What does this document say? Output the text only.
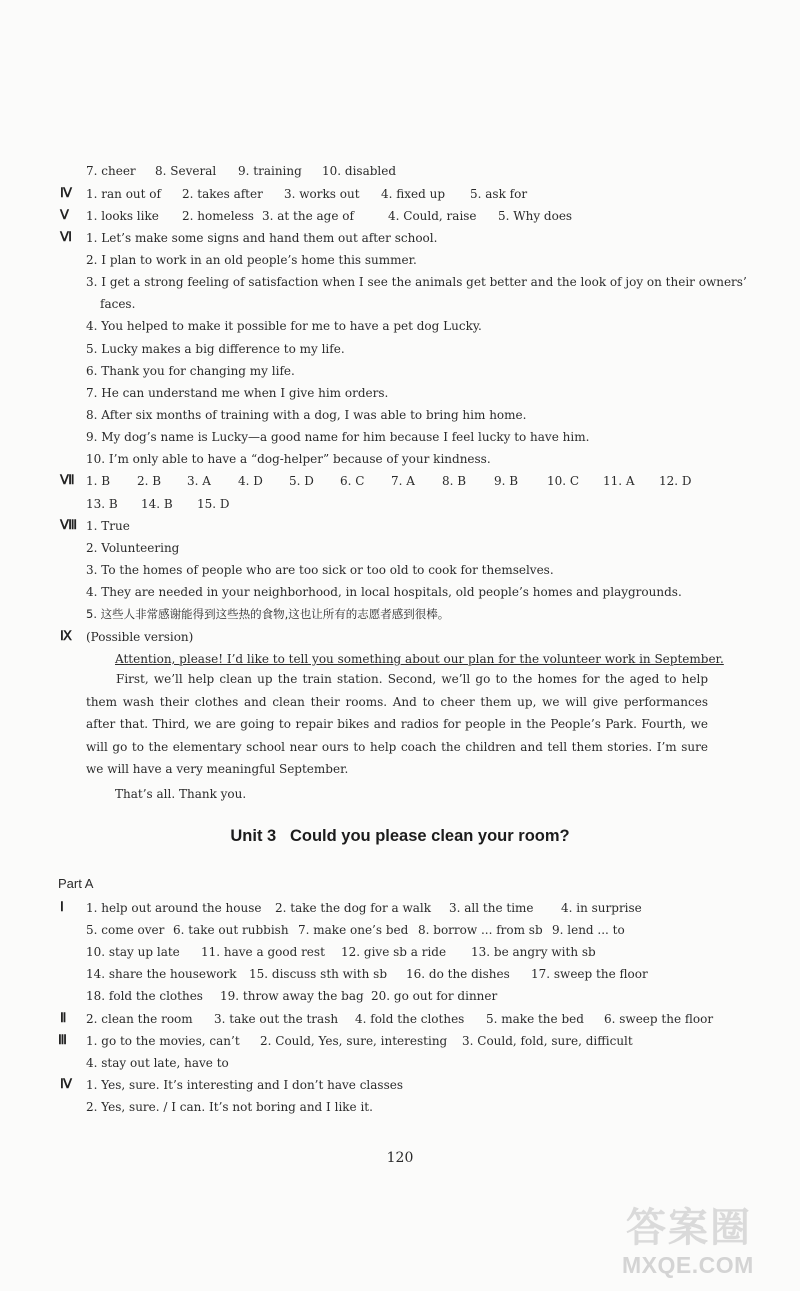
7. cheer 8. Several 9. training 10. disabled
Ⅳ 1. ran out of 2. takes after 3. works out 4. fixed up 5. ask for
Ⅴ 1. looks like 2. homeless 3. at the age of	4. Could, raise 5. Why does
Ⅵ 1. Let’s make some signs and hand them out after school.
2. I plan to work in an old people’s home this summer.
3. I get a strong feeling of satisfaction when I see the animals get better and the look of joy on their owners’
faces.
4. You helped to make it possible for me to have a pet dog Lucky.
5. Lucky makes a big difference to my life.
6. Thank you for changing my life.
7. He can understand me when I give him orders.
8. After six months of training with a dog, I was able to bring him home.
9. My dog’s name is Lucky—a good name for him because I feel lucky to have him.
10. I’m only able to have a “dog-helper” because of your kindness.
Ⅶ 1. B 2. B 3. A 4. D 5. D 6. C 7. A 8. B 9. B 10. C 11. A 12. D
13. B 14. B 15. D
Ⅷ 1. True
2. Volunteering
3. To the homes of people who are too sick or too old to cook for themselves.
4. They are needed in your neighborhood, in local hospitals, old people’s homes and playgrounds.
5. 这些人非常感谢能得到这些热的食物,这也让所有的志愿者感到很棒。
Ⅸ (Possible version)
Attention, please! I’d like to tell you something about our plan for the volunteer work in September.
First, we’ll help clean up the train station. Second, we’ll go to the homes for the aged to help them wash their clothes and clean their rooms. And to cheer them up, we will give performances after that. Third, we are going to repair bikes and radios for people in the People’s Park. Fourth, we will go to the elementary school near ours to help coach the children and tell them stories. I’m sure we will have a very meaningful September.
That’s all. Thank you.
Unit 3   Could you please clean your room?
Part A
Ⅰ 1. help out around the house 2. take the dog for a walk 3. all the time 4. in surprise
5. come over 6. take out rubbish 7. make one’s bed 8. borrow ... from sb 9. lend ... to
10. stay up late 11. have a good rest 12. give sb a ride 13. be angry with sb
14. share the housework 15. discuss sth with sb 16. do the dishes 17. sweep the floor
18. fold the clothes 19. throw away the bag 20. go out for dinner
Ⅱ 2. clean the room 3. take out the trash 4. fold the clothes 5. make the bed 6. sweep the floor
Ⅲ 1. go to the movies, can’t 2. Could, Yes, sure, interesting 3. Could, fold, sure, difficult
4. stay out late, have to
Ⅳ 1. Yes, sure. It’s interesting and I don’t have classes
2. Yes, sure. / I can. It’s not boring and I like it.
120
答案圈
MXQE.COM
